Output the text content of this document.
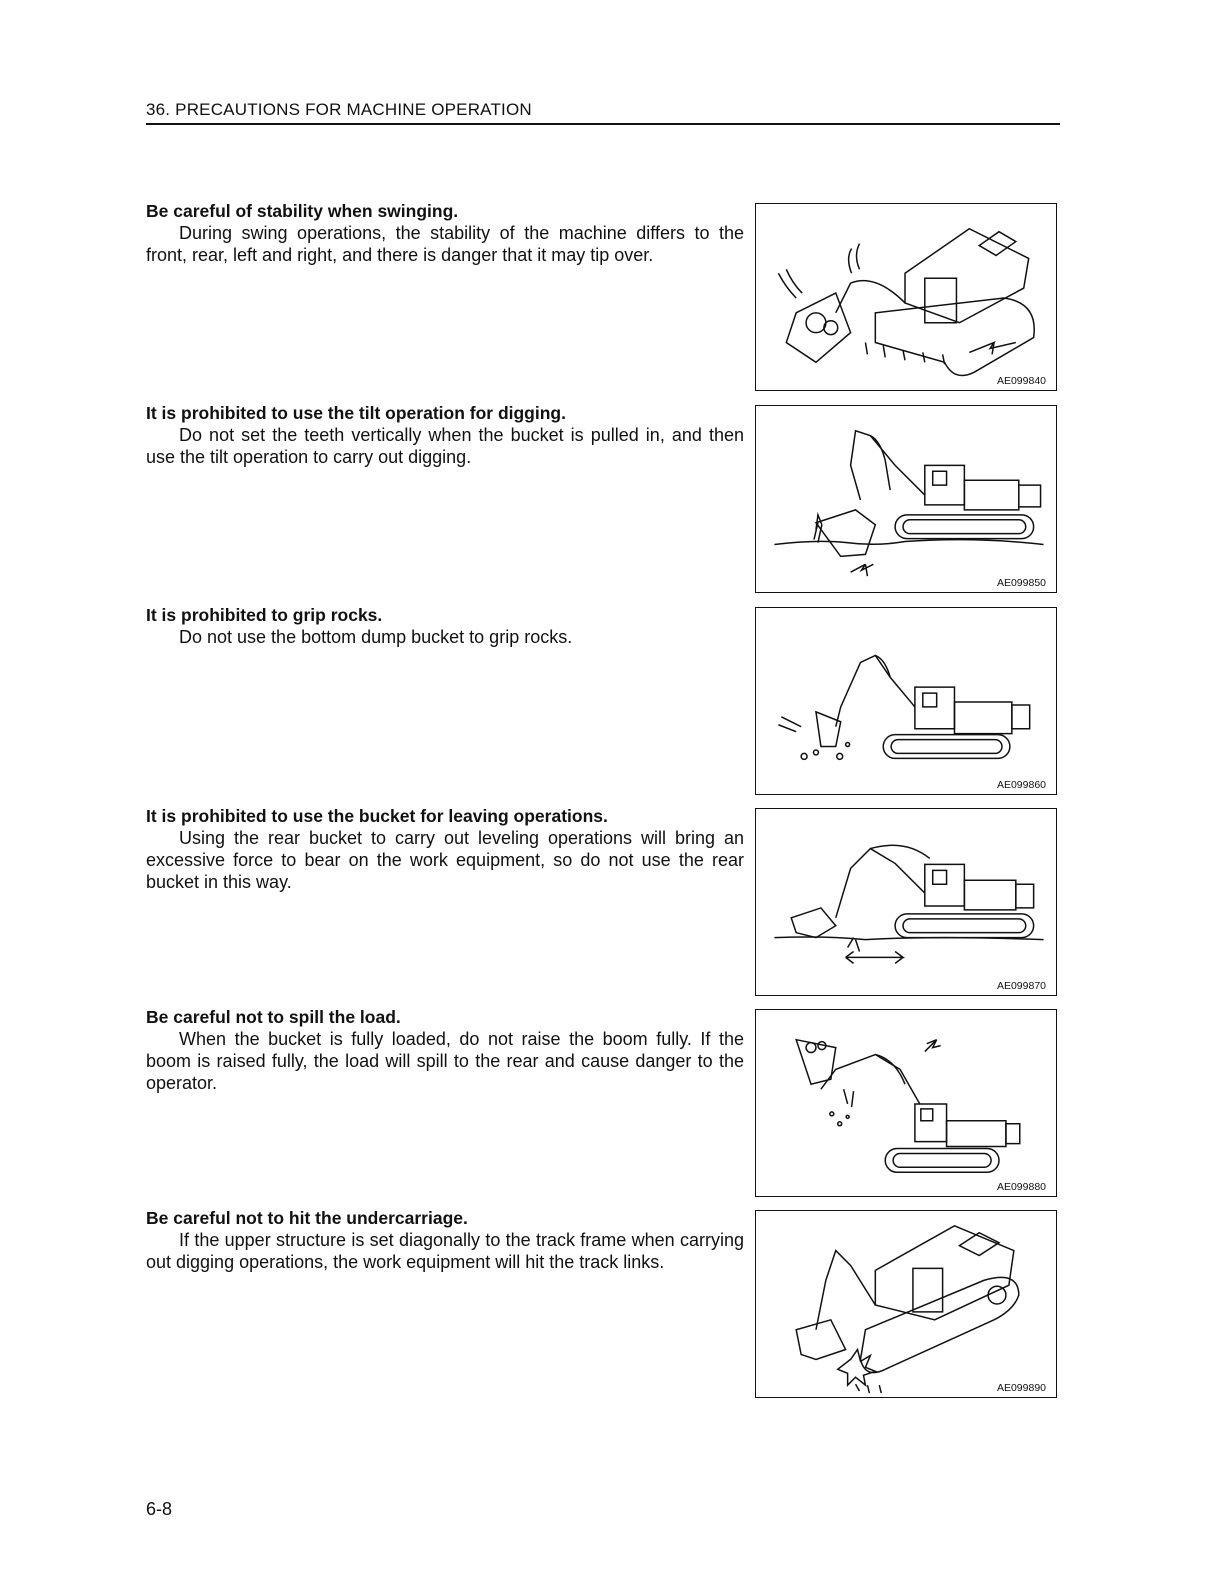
36. PRECAUTIONS FOR MACHINE OPERATION
Be careful of stability when swinging.

During swing operations, the stability of the machine differs to the front, rear, left and right, and there is danger that it may tip over.

AE099840
It is prohibited to use the tilt operation for digging.

Do not set the teeth vertically when the bucket is pulled in, and then use the tilt operation to carry out digging.

AE099850
It is prohibited to grip rocks.

Do not use the bottom dump bucket to grip rocks.

AE099860
It is prohibited to use the bucket for leaving operations.

Using the rear bucket to carry out leveling operations will bring an excessive force to bear on the work equipment, so do not use the rear bucket in this way.

AE099870
Be careful not to spill the load.

When the bucket is fully loaded, do not raise the boom fully. If the boom is raised fully, the load will spill to the rear and cause danger to the operator.

AE099880
Be careful not to hit the undercarriage.

If the upper structure is set diagonally to the track frame when carrying out digging operations, the work equipment will hit the track links.

AE099890
6-8
